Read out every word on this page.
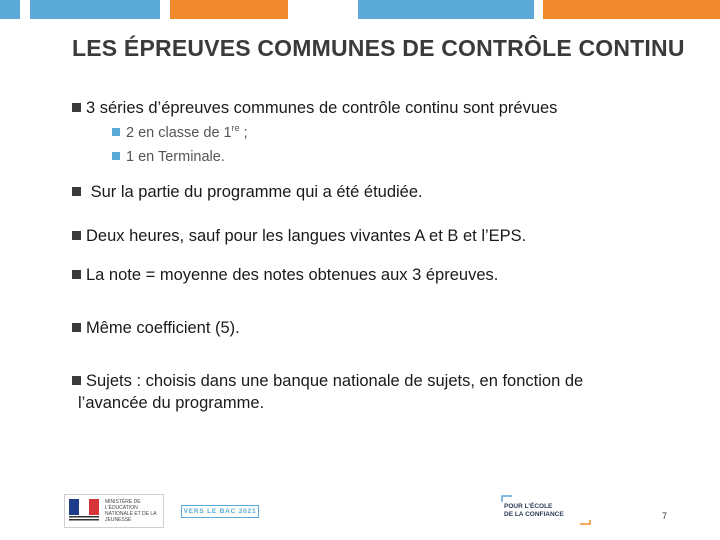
LES ÉPREUVES COMMUNES DE CONTRÔLE CONTINU
3 séries d’épreuves communes de contrôle continu sont prévues
2 en classe de 1re ;
1 en Terminale.
Sur la partie du programme qui a été étudiée.
Deux heures, sauf pour les langues vivantes A et B et l’EPS.
La note = moyenne des notes obtenues aux 3 épreuves.
Même coefficient (5).
Sujets : choisis dans une banque nationale de sujets, en fonction de
l’avancée du programme.
MINISTÈRE DE L’ÉDUCATION NATIONALE ET DE LA JEUNESSE
VERS LE BAC 2021
POUR L’ÉCOLE
DE LA CONFIANCE	7
